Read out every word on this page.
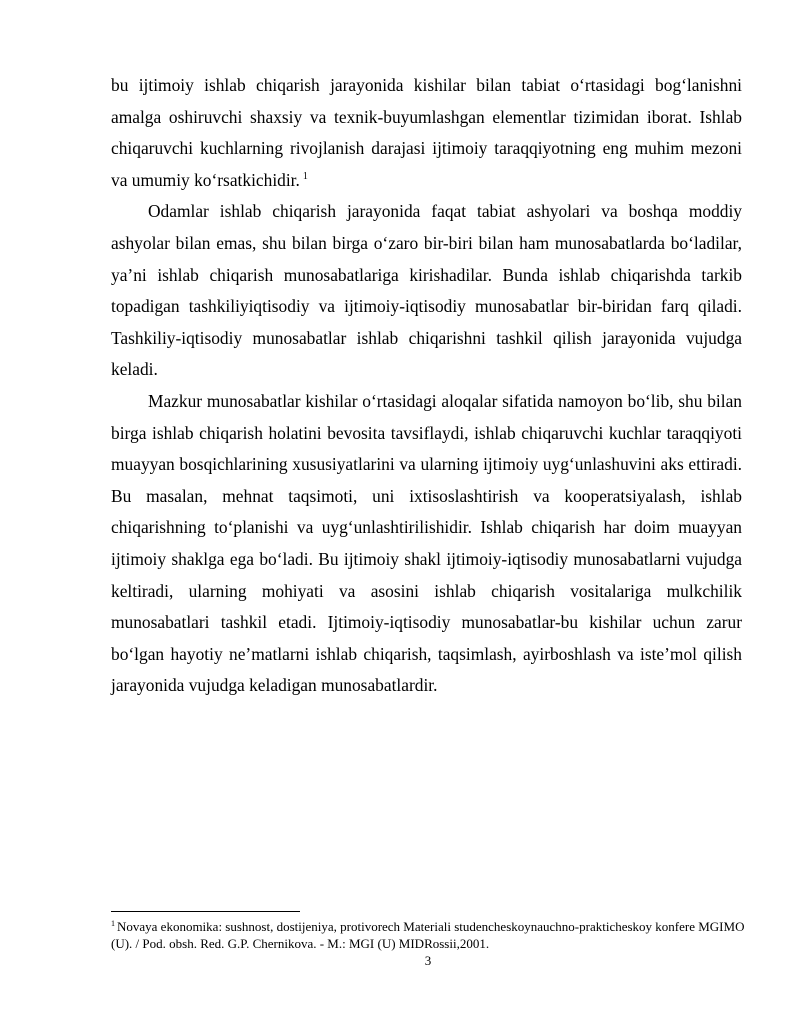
bu ijtimoiy ishlab chiqarish jarayonida kishilar bilan tabiat o‘rtasidagi bog‘lanishni amalga oshiruvchi shaxsiy va texnik-buyumlashgan elementlar tizimidan iborat. Ishlab chiqaruvchi kuchlarning rivojlanish darajasi ijtimoiy taraqqiyotning eng muhim mezoni va umumiy ko‘rsatkichidir. $^1$

Odamlar ishlab chiqarish jarayonida faqat tabiat ashyolari va boshqa moddiy ashyolar bilan emas, shu bilan birga o‘zaro bir-biri bilan ham munosabatlarda bo‘ladilar, ya’ni ishlab chiqarish munosabatlariga kirishadilar. Bunda ishlab chiqarishda tarkib topadigan tashkiliyiqtisodiy va ijtimoiy-iqtisodiy munosabatlar bir-biridan farq qiladi. Tashkiliy-iqtisodiy munosabatlar ishlab chiqarishni tashkil qilish jarayonida vujudga keladi.

Mazkur munosabatlar kishilar o‘rtasidagi aloqalar sifatida namoyon bo‘lib, shu bilan birga ishlab chiqarish holatini bevosita tavsiflaydi, ishlab chiqaruvchi kuchlar taraqqiyoti muayyan bosqichlarining xususiyatlarini va ularning ijtimoiy uyg‘unlashuvini aks ettiradi. Bu masalan, mehnat taqsimoti, uni ixtisoslashtirish va kooperatsiyalash, ishlab chiqarishning to‘planishi va uyg‘unlashtirilishidir. Ishlab chiqarish har doim muayyan ijtimoiy shaklga ega bo‘ladi. Bu ijtimoiy shakl ijtimoiy-iqtisodiy munosabatlarni vujudga keltiradi, ularning mohiyati va asosini ishlab chiqarish vositalariga mulkchilik munosabatlari tashkil etadi. Ijtimoiy-iqtisodiy munosabatlar-bu kishilar uchun zarur bo‘lgan hayotiy ne’matlarni ishlab chiqarish, taqsimlash, ayirboshlash va iste’mol qilish jarayonida vujudga keladigan munosabatlardir.

$^1$ Novaya ekonomika: sushnost, dostijeniya, protivorech Materiali studencheskoynauchno-prakticheskoy konfere MGIMO (U). / Pod. obsh. Red. G.P. Chernikova. - M.: MGI (U) MIDRossii,2001.
3
